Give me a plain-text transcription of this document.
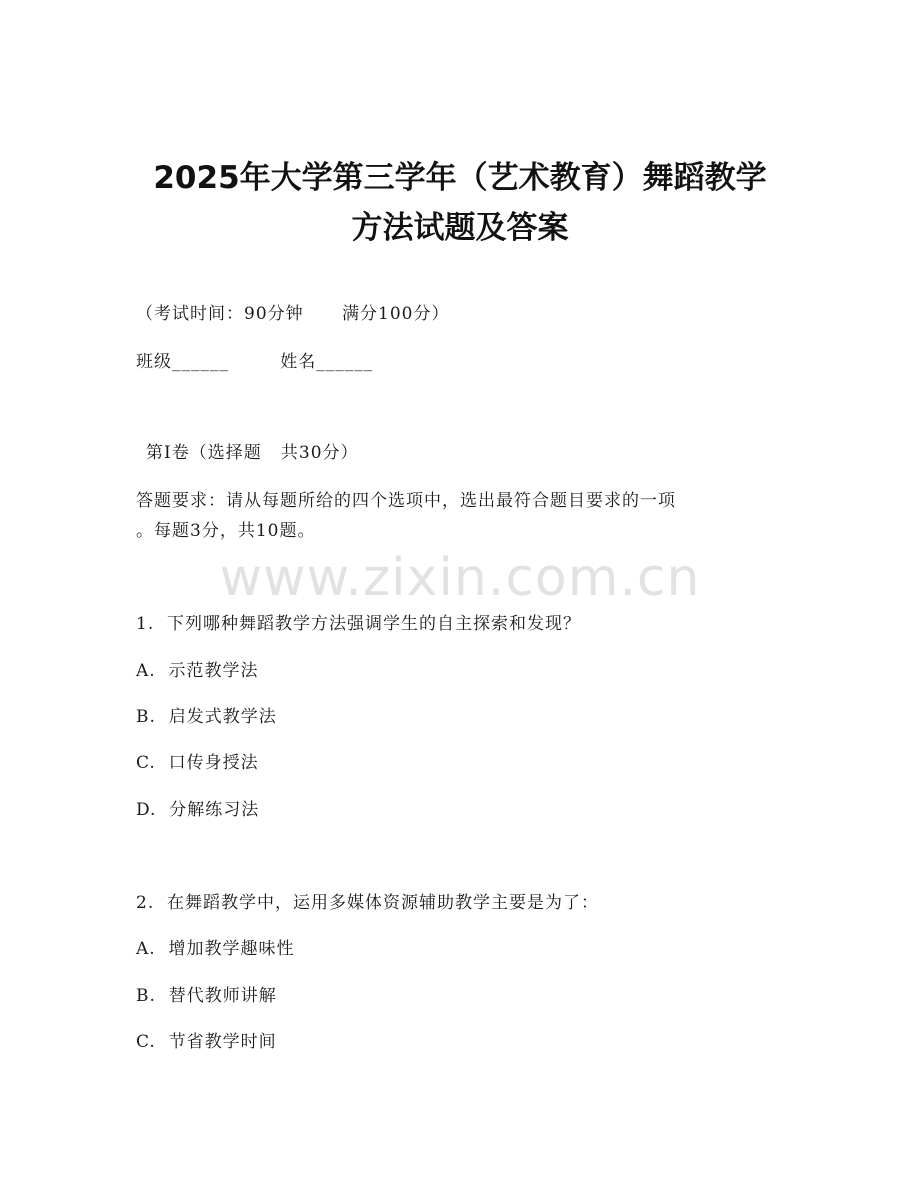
2025年大学第三学年（艺术教育）舞蹈教学
方法试题及答案

（考试时间：90分钟      满分100分）

班级______        姓名______

第I卷（选择题   共30分）

答题要求：请从每题所给的四个选项中，选出最符合题目要求的一项

。每题3分，共10题。

www.zixin.com.cn

1.  下列哪种舞蹈教学方法强调学生的自主探索和发现？

A.  示范教学法

B.  启发式教学法

C.  口传身授法

D.  分解练习法

2.  在舞蹈教学中，运用多媒体资源辅助教学主要是为了：

A.  增加教学趣味性

B.  替代教师讲解

C.  节省教学时间
